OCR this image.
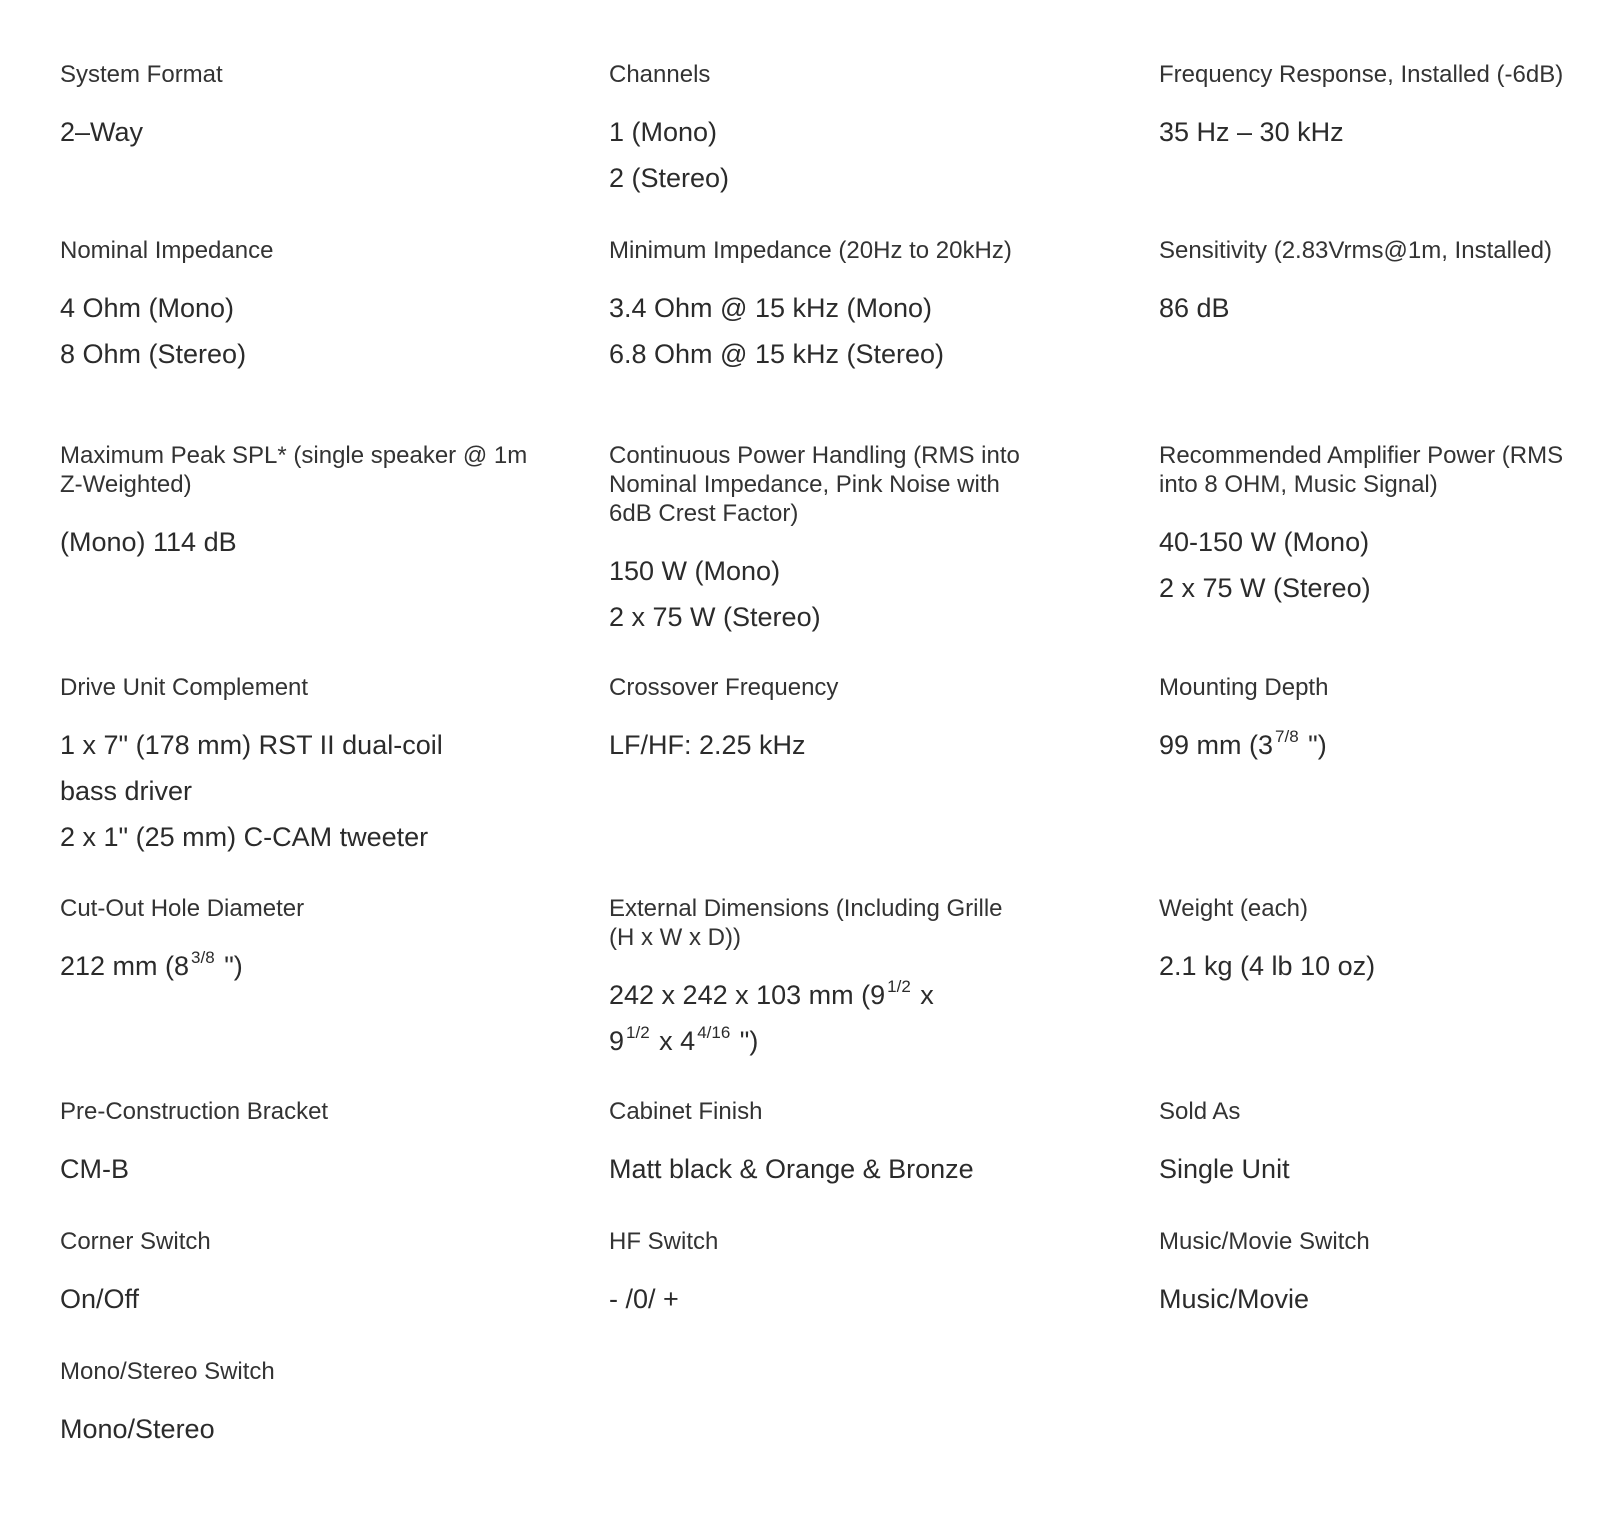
System Format
2–Way
Channels
1 (Mono)
2 (Stereo)
Frequency Response, Installed (-6dB)
35 Hz – 30 kHz
Nominal Impedance
4 Ohm (Mono)
8 Ohm (Stereo)
Minimum Impedance (20Hz to 20kHz)
3.4 Ohm @ 15 kHz (Mono)
6.8 Ohm @ 15 kHz (Stereo)
Sensitivity (2.83Vrms@1m, Installed)
86 dB
Maximum Peak SPL* (single speaker @ 1m Z-Weighted)
(Mono) 114 dB
Continuous Power Handling (RMS into Nominal Impedance, Pink Noise with 6dB Crest Factor)
150 W (Mono)
2 x 75 W (Stereo)
Recommended Amplifier Power (RMS into 8 OHM, Music Signal)
40-150 W (Mono)
2 x 75 W (Stereo)
Drive Unit Complement
1 x 7" (178 mm) RST II dual-coil bass driver
2 x 1" (25 mm) C-CAM tweeter
Crossover Frequency
LF/HF: 2.25 kHz
Mounting Depth
99 mm (3 $^{7/8}$ ")
Cut-Out Hole Diameter
212 mm (8 $^{3/8}$ ")
External Dimensions (Including Grille (H x W x D))
242 x 242 x 103 mm (9 $^{1/2}$ x 9 $^{1/2}$ x 4 $^{4/16}$ ")
Weight (each)
2.1 kg (4 lb 10 oz)
Pre-Construction Bracket
CM-B
Cabinet Finish
Matt black & Orange & Bronze
Sold As
Single Unit
Corner Switch
On/Off
HF Switch
- /0/ +
Music/Movie Switch
Music/Movie
Mono/Stereo Switch
Mono/Stereo
